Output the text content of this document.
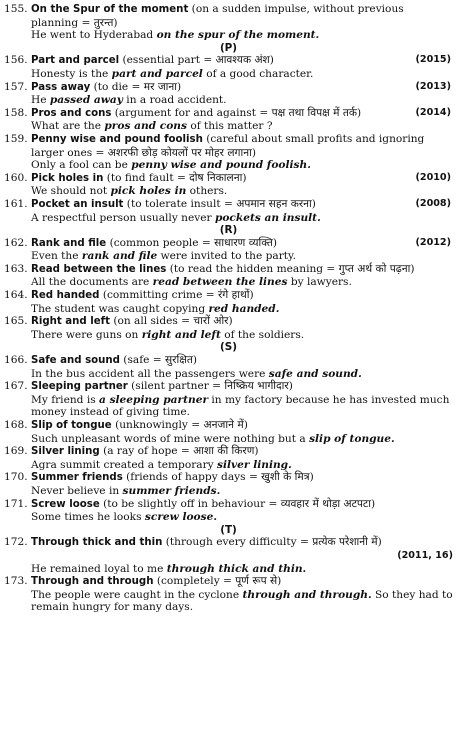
155. On the Spur of the moment (on a sudden impulse, without previous
planning = तुरन्त)
He went to Hyderabad on the spur of the moment.
(P)
156. Part and parcel (essential part = आवश्यक अंश)	(2015)
Honesty is the part and parcel of a good character.
157. Pass away (to die = मर जाना)	(2013)
He passed away in a road accident.
158. Pros and cons (argument for and against = पक्ष तथा विपक्ष में तर्क)	(2014)
What are the pros and cons of this matter ?
159. Penny wise and pound foolish (careful about small profits and ignoring
larger ones = अशरफी छोड़ कोयलों पर मोहर लगाना)
Only a fool can be penny wise and pound foolish.
160. Pick holes in (to find fault = दोष निकालना)	(2010)
We should not pick holes in others.
161. Pocket an insult (to tolerate insult = अपमान सहन करना)	(2008)
A respectful person usually never pockets an insult.
(R)
162. Rank and file (common people = साधारण व्यक्ति)	(2012)
Even the rank and file were invited to the party.
163. Read between the lines (to read the hidden meaning = गुप्त अर्थ को पढ़ना)
All the documents are read between the lines by lawyers.
164. Red handed (committing crime = रंगे हाथों)
The student was caught copying red handed.
165. Right and left (on all sides = चारों ओर)
There were guns on right and left of the soldiers.
(S)
166. Safe and sound (safe = सुरक्षित)
In the bus accident all the passengers were safe and sound.
167. Sleeping partner (silent partner = निष्क्रिय भागीदार)
My friend is a sleeping partner in my factory because he has invested much money instead of giving time.
168. Slip of tongue (unknowingly = अनजाने में)
Such unpleasant words of mine were nothing but a slip of tongue.
169. Silver lining (a ray of hope = आशा की किरण)
Agra summit created a temporary silver lining.
170. Summer friends (friends of happy days = खुशी के मित्र)
Never believe in summer friends.
171. Screw loose (to be slightly off in behaviour = व्यवहार में थोड़ा अटपटा)
Some times he looks screw loose.
(T)
172. Through thick and thin (through every difficulty = प्रत्येक परेशानी में)
(2011, 16)
He remained loyal to me through thick and thin.
173. Through and through (completely = पूर्ण रूप से)
The people were caught in the cyclone through and through. So they had to remain hungry for many days.
